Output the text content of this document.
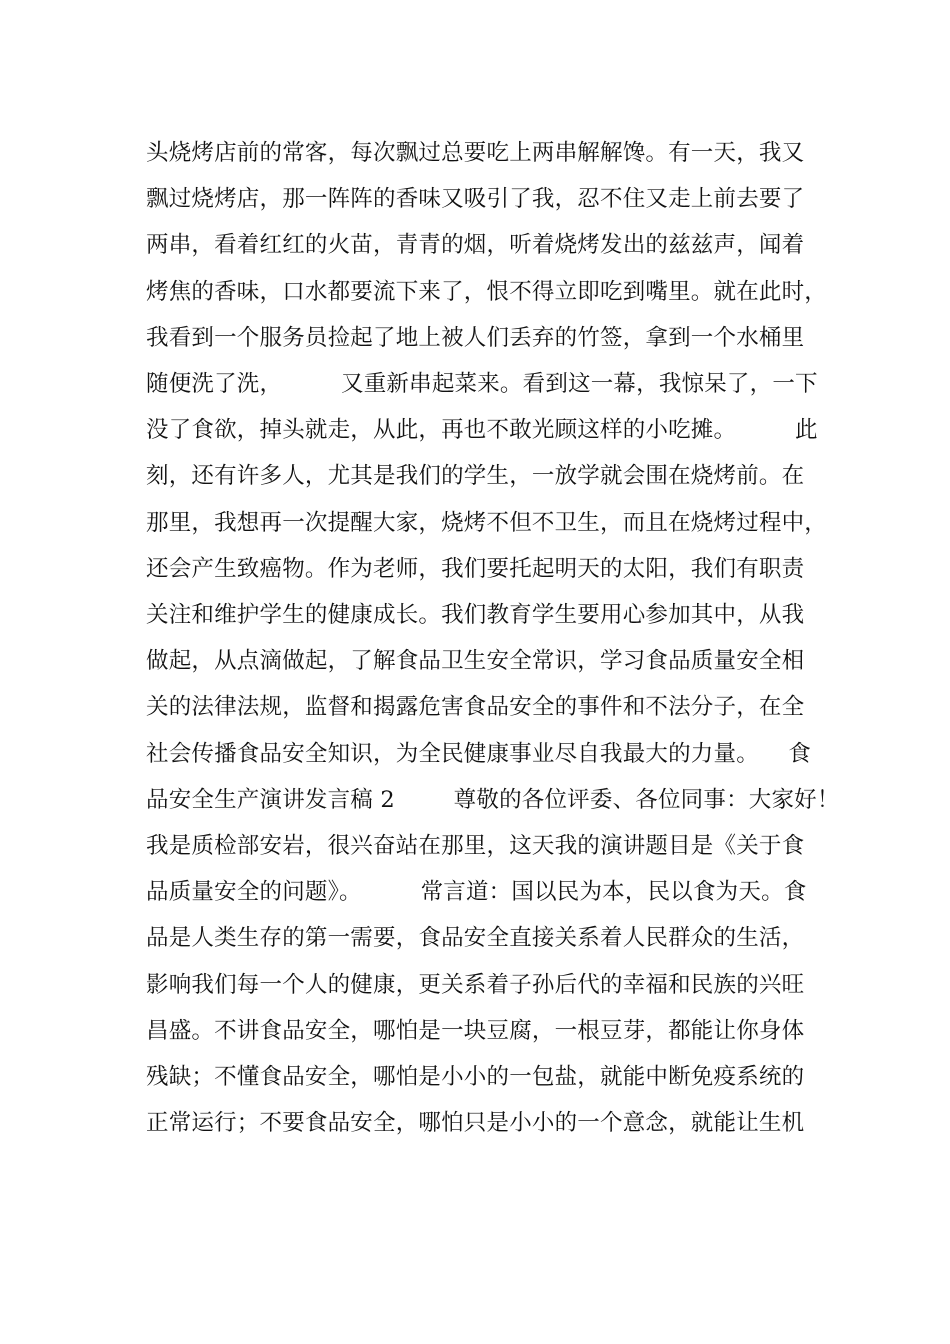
头烧烤店前的常客，每次飘过总要吃上两串解解馋。有一天，我又
飘过烧烤店，那一阵阵的香味又吸引了我，忍不住又走上前去要了
两串，看着红红的火苗，青青的烟，听着烧烤发出的兹兹声，闻着
烤焦的香味，口水都要流下来了，恨不得立即吃到嘴里。就在此时，
我看到一个服务员捡起了地上被人们丢弃的竹签，拿到一个水桶里
随便洗了洗，        又重新串起菜来。看到这一幕，我惊呆了，一下
没了食欲，掉头就走，从此，再也不敢光顾这样的小吃摊。        此
刻，还有许多人，尤其是我们的学生，一放学就会围在烧烤前。在
那里，我想再一次提醒大家，烧烤不但不卫生，而且在烧烤过程中，
还会产生致癌物。作为老师，我们要托起明天的太阳，我们有职责
关注和维护学生的健康成长。我们教育学生要用心参加其中，从我
做起，从点滴做起，了解食品卫生安全常识，学习食品质量安全相
关的法律法规，监督和揭露危害食品安全的事件和不法分子，在全
社会传播食品安全知识，为全民健康事业尽自我最大的力量。    食
品安全生产演讲发言稿 2        尊敬的各位评委、各位同事：大家好！
我是质检部安岩，很兴奋站在那里，这天我的演讲题目是《关于食
品质量安全的问题》。        常言道：国以民为本，民以食为天。食
品是人类生存的第一需要，食品安全直接关系着人民群众的生活，
影响我们每一个人的健康，更关系着子孙后代的幸福和民族的兴旺
昌盛。不讲食品安全，哪怕是一块豆腐，一根豆芽，都能让你身体
残缺；不懂食品安全，哪怕是小小的一包盐，就能中断免疫系统的
正常运行；不要食品安全，哪怕只是小小的一个意念，就能让生机
